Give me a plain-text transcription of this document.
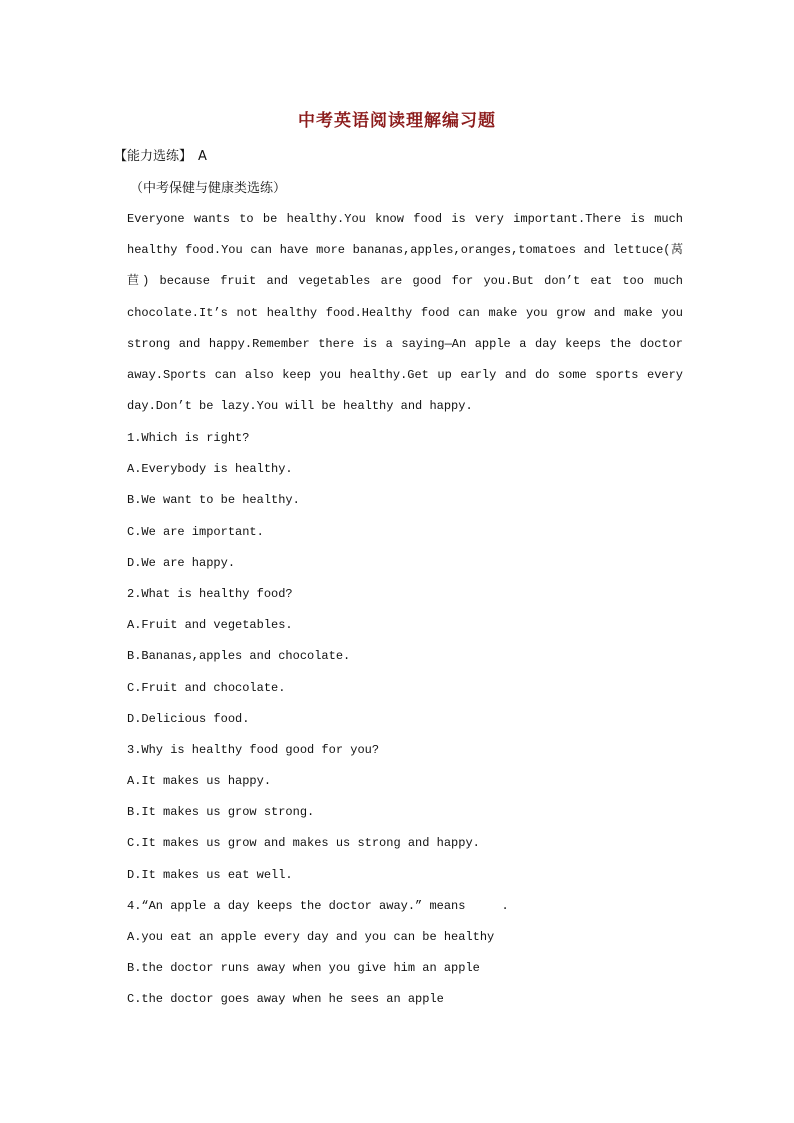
中考英语阅读理解编习题
【能力选练】 A
（中考保健与健康类选练）
Everyone wants to be healthy.You know food is very important.There is much healthy food.You can have more bananas,apples,oranges,tomatoes and lettuce(莴苣) because fruit and vegetables are good for you.But don’t eat too much chocolate.It’s not healthy food.Healthy food can make you grow and make you strong and happy.Remember there is a saying—An apple a day keeps the doctor away.Sports can also keep you healthy.Get up early and do some sports every day.Don’t be lazy.You will be healthy and happy.
1.Which is right?
A.Everybody is healthy.
B.We want to be healthy.
C.We are important.
D.We are happy.
2.What is healthy food?
A.Fruit and vegetables.
B.Bananas,apples and chocolate.
C.Fruit and chocolate.
D.Delicious food.
3.Why is healthy food good for you?
A.It makes us happy.
B.It makes us grow strong.
C.It makes us grow and makes us strong and happy.
D.It makes us eat well.
4.“An apple a day keeps the doctor away.” means     .
A.you eat an apple every day and you can be healthy
B.the doctor runs away when you give him an apple
C.the doctor goes away when he sees an apple
